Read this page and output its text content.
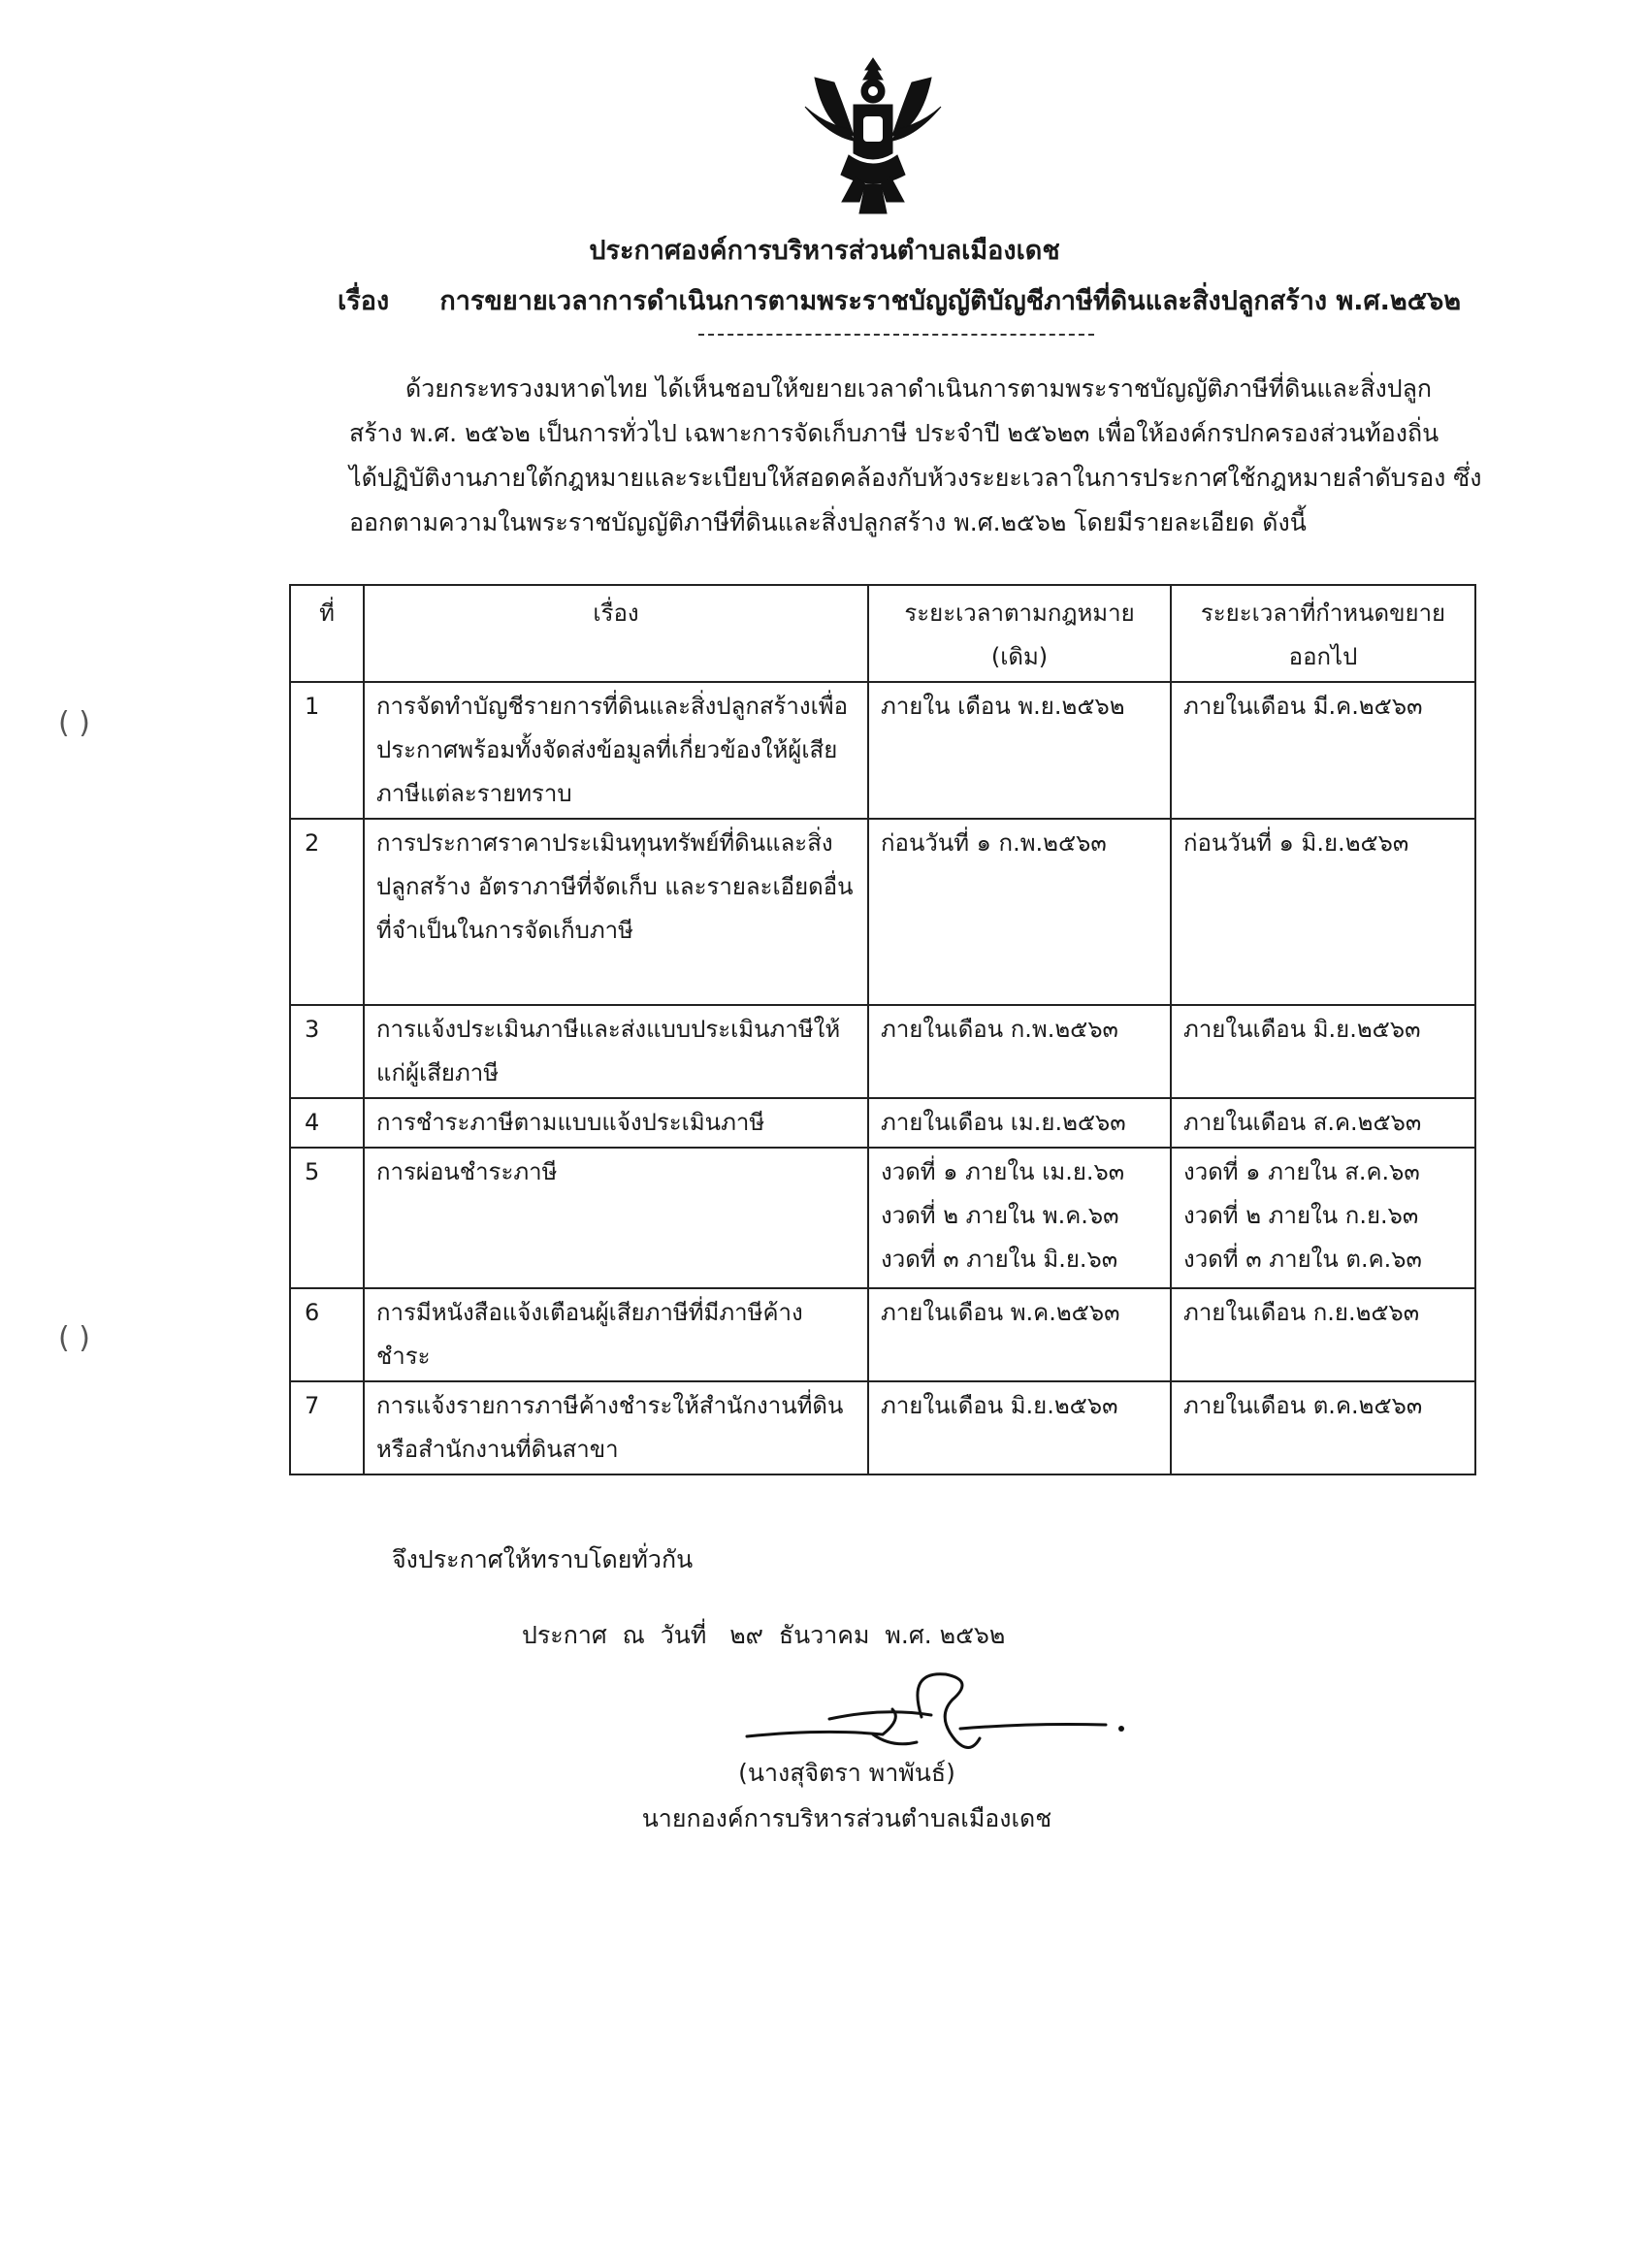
ประกาศองค์การบริหารส่วนตำบลเมืองเดช
เรื่อง การขยายเวลาการดำเนินการตามพระราชบัญญัติบัญชีภาษีที่ดินและสิ่งปลูกสร้าง พ.ศ.๒๕๖๒
ด้วยกระทรวงมหาดไทย ได้เห็นชอบให้ขยายเวลาดำเนินการตามพระราชบัญญัติภาษีที่ดินและสิ่งปลูก
สร้าง พ.ศ. ๒๕๖๒ เป็นการทั่วไป เฉพาะการจัดเก็บภาษี ประจำปี ๒๕๖๒๓ เพื่อให้องค์กรปกครองส่วนท้องถิ่น
ได้ปฏิบัติงานภายใต้กฎหมายและระเบียบให้สอดคล้องกับห้วงระยะเวลาในการประกาศใช้กฎหมายลำดับรอง ซึ่ง
ออกตามความในพระราชบัญญัติภาษีที่ดินและสิ่งปลูกสร้าง พ.ศ.๒๕๖๒ โดยมีรายละเอียด ดังนี้
ที่	เรื่อง	ระยะเวลาตามกฎหมาย (เดิม)	ระยะเวลาที่กำหนดขยายออกไป
1	การจัดทำบัญชีรายการที่ดินและสิ่งปลูกสร้างเพื่อประกาศพร้อมทั้งจัดส่งข้อมูลที่เกี่ยวข้องให้ผู้เสียภาษีแต่ละรายทราบ	ภายใน เดือน พ.ย.๒๕๖๒	ภายในเดือน มี.ค.๒๕๖๓

2	การประกาศราคาประเมินทุนทรัพย์ที่ดินและสิ่งปลูกสร้าง อัตราภาษีที่จัดเก็บ และรายละเอียดอื่นที่จำเป็นในการจัดเก็บภาษี	ก่อนวันที่ ๑ ก.พ.๒๕๖๓	ก่อนวันที่ ๑ มิ.ย.๒๕๖๓

3	การแจ้งประเมินภาษีและส่งแบบประเมินภาษีให้แก่ผู้เสียภาษี	ภายในเดือน ก.พ.๒๕๖๓	ภายในเดือน มิ.ย.๒๕๖๓

4	การชำระภาษีตามแบบแจ้งประเมินภาษี	ภายในเดือน เม.ย.๒๕๖๓	ภายในเดือน ส.ค.๒๕๖๓

5	การผ่อนชำระภาษี	งวดที่ ๑ ภายใน เม.ย.๖๓
งวดที่ ๒ ภายใน พ.ค.๖๓
งวดที่ ๓ ภายใน มิ.ย.๖๓	งวดที่ ๑ ภายใน ส.ค.๖๓
งวดที่ ๒ ภายใน ก.ย.๖๓
งวดที่ ๓ ภายใน ต.ค.๖๓

6	การมีหนังสือแจ้งเตือนผู้เสียภาษีที่มีภาษีค้างชำระ	ภายในเดือน พ.ค.๒๕๖๓	ภายในเดือน ก.ย.๒๕๖๓

7	การแจ้งรายการภาษีค้างชำระให้สำนักงานที่ดิน หรือสำนักงานที่ดินสาขา	ภายในเดือน มิ.ย.๒๕๖๓	ภายในเดือน ต.ค.๒๕๖๓
จึงประกาศให้ทราบโดยทั่วกัน
ประกาศ  ณ  วันที่   ๒๙  ธันวาคม  พ.ศ. ๒๕๖๒
(นางสุจิตรา พาพันธ์)
นายกองค์การบริหารส่วนตำบลเมืองเดช
( )
( )
